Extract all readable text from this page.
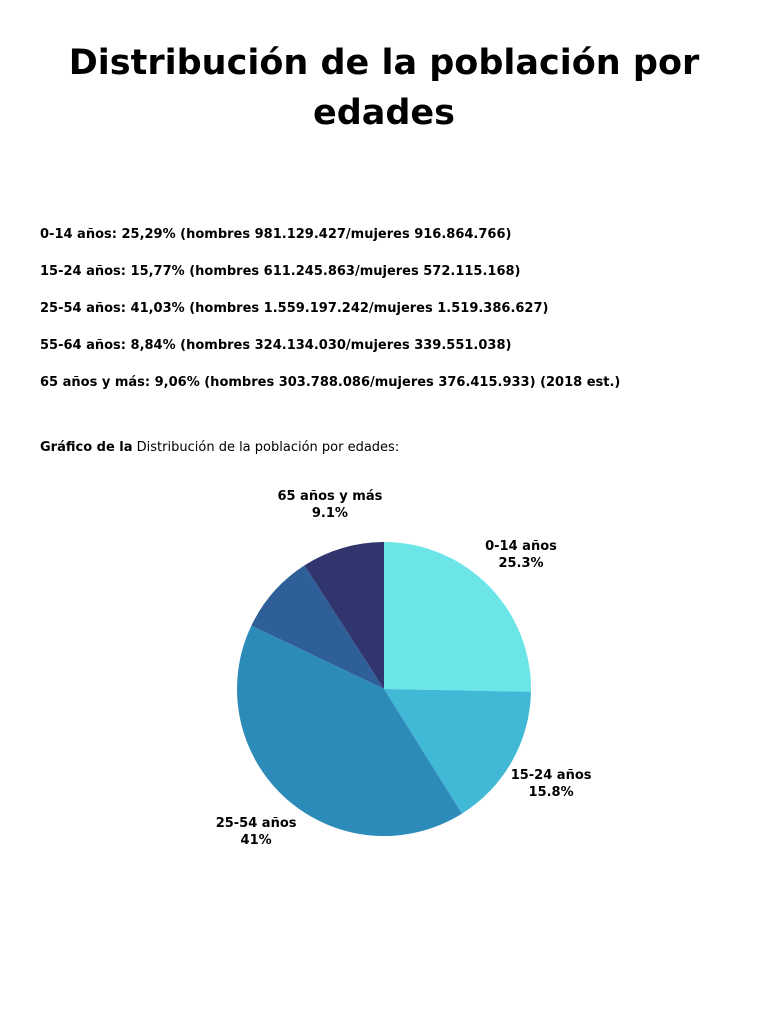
Distribución de la población por edades
0-14 años: 25,29% (hombres 981.129.427/mujeres 916.864.766)
15-24 años: 15,77% (hombres 611.245.863/mujeres 572.115.168)
25-54 años: 41,03% (hombres 1.559.197.242/mujeres 1.519.386.627)
55-64 años: 8,84% (hombres 324.134.030/mujeres 339.551.038)
65 años y más: 9,06% (hombres 303.788.086/mujeres 376.415.933) (2018 est.)

Gráfico de la Distribución de la población por edades:

0-14 años
25.3%
15-24 años
15.8%
25-54 años
41%
65 años y más
9.1%
